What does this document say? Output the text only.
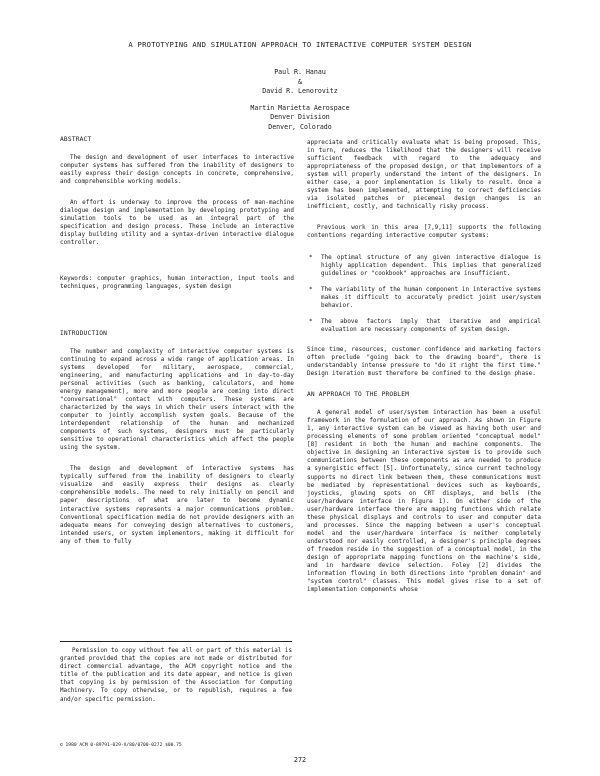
A PROTOTYPING AND SIMULATION APPROACH TO INTERACTIVE COMPUTER SYSTEM DESIGN
Paul R. Hanau
&
David R. Lenorovitz
Martin Marietta Aerospace
Denver Division
Denver, Colorado
ABSTRACT

The design and development of user interfaces to interactive computer systems has suffered from the inability of designers to easily express their design concepts in concrete, comprehensive, and comprehensible working models.

An effort is underway to improve the process of man-machine dialogue design and implementation by developing prototyping and simulation tools to be used as an integral part of the specification and design process. These include an interactive display building utility and a syntax-driven interactive dialogue controller.

Keywords: computer graphics, human interaction, input tools and techniques, programming languages, system design

INTRODUCTION

The number and complexity of interactive computer systems is continuing to expand across a wide range of application areas. In systems developed for military, aerospace, commercial, engineering, and manufacturing applications and in day-to-day personal activities (such as banking, calculators, and home energy management), more and more people are coming into direct "conversational" contact with computers. These systems are characterized by the ways in which their users interact with the computer to jointly accomplish system goals. Because of the interdependent relationship of the human and mechanized components of such systems, designers must be particularly sensitive to operational characteristics which affect the people using the system.

The design and development of interactive systems has typically suffered from the inability of designers to clearly visualize and easily express their designs as clearly comprehensible models. The need to rely initially on pencil and paper descriptions of what are later to become dynamic interactive systems represents a major communications problem. Conventional specification media do not provide designers with an adequate means for conveying design alternatives to customers, intended users, or system implementors, making it difficult for any of them to fully

appreciate and critically evaluate what is being proposed. This, in turn, reduces the likelihood that the designers will receive sufficient feedback with regard to the adequacy and appropriateness of the proposed design, or that implementors of a system will properly understand the intent of the designers. In either case, a poor implementation is likely to result. Once a system has been implemented, attempting to correct deficiencies via isolated patches or piecemeal design changes is an inefficient, costly, and technically risky process.

Previous work in this area [7,9,11] supports the following contentions regarding interactive computer systems:

* The optimal structure of any given interactive dialogue is highly application dependent. This implies that generalized guidelines or "cookbook" approaches are insufficient.
* The variability of the human component in interactive systems makes it difficult to accurately predict joint user/system behavior.
* The above factors imply that iterative and empirical evaluation are necessary components of system design.

Since time, resources, customer confidence and marketing factors often preclude "going back to the drawing board", there is understandably intense pressure to "do it right the first time." Design iteration must therefore be confined to the design phase.

AN APPROACH TO THE PROBLEM

A general model of user/system interaction has been a useful framework in the formulation of our approach. As shown in Figure 1, any interactive system can be viewed as having both user and processing elements of some problem oriented "conceptual model" [8] resident in both the human and machine components. The objective in designing an interactive system is to provide such communications between these components as are needed to produce a synergistic effect [5]. Unfortunately, since current technology supports no direct link between them, these communications must be mediated by representational devices such as keyboards, joysticks, glowing spots on CRT displays, and bells (the user/hardware interface in Figure 1). On either side of the user/hardware interface there are mapping functions which relate these physical displays and controls to user and computer data and processes. Since the mapping between a user's conceptual model and the user/hardware interface is neither completely understood nor easily controlled, a designer's principle degrees of freedom reside in the suggestion of a conceptual model, in the design of appropriate mapping functions on the machine's side, and in hardware device selection. Foley [2] divides the information flowing in both directions into "problem domain" and "system control" classes. This model gives rise to a set of implementation components whose

Permission to copy without fee all or part of this material is granted provided that the copies are not made or distributed for direct commercial advantage, the ACM copyright notice and the title of the publication and its date appear, and notice is given that copying is by permission of the Association for Computing Machinery. To copy otherwise, or to republish, requires a fee and/or specific permission.
© 1980 ACM 0-89791-029-X/80/0700-0272 $00.75
272
